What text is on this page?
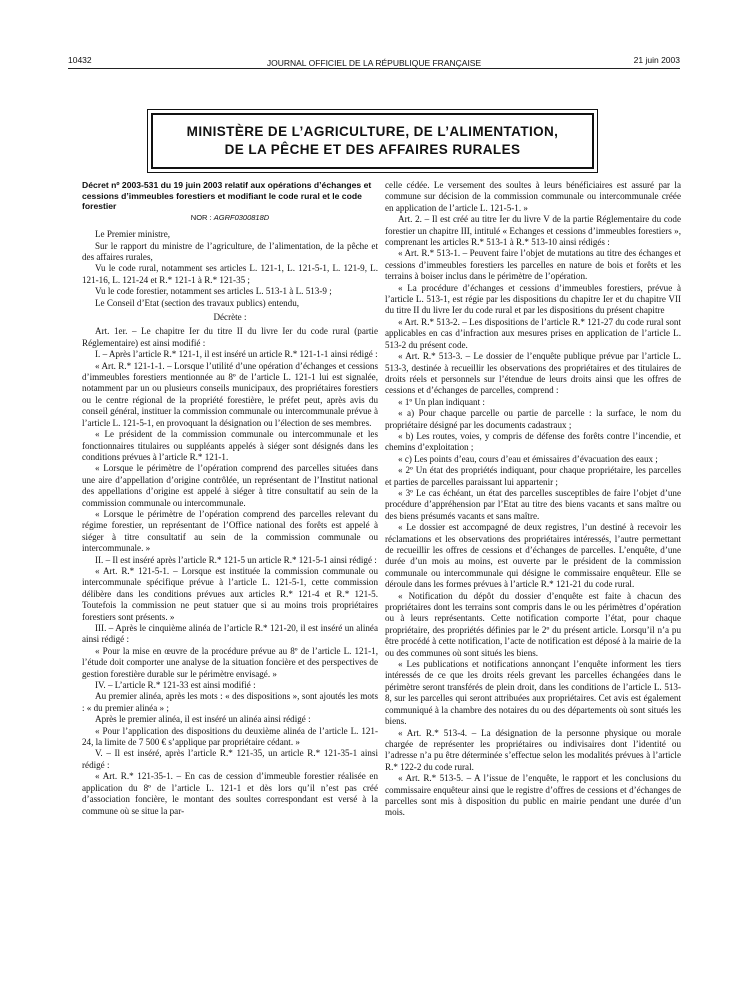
10432	JOURNAL OFFICIEL DE LA RÉPUBLIQUE FRANÇAISE	21 juin 2003
MINISTÈRE DE L’AGRICULTURE, DE L’ALIMENTATION,
DE LA PÊCHE ET DES AFFAIRES RURALES

Décret nº 2003-531 du 19 juin 2003 relatif aux opérations d’échanges et cessions d’immeubles forestiers et modifiant le code rural et le code forestier

NOR : AGRF0300818D

Le Premier ministre,

Sur le rapport du ministre de l’agriculture, de l’alimentation, de la pêche et des affaires rurales,

Vu le code rural, notamment ses articles L. 121-1, L. 121-5-1, L. 121-9, L. 121-16, L. 121-24 et R.* 121-1 à R.* 121-35 ;

Vu le code forestier, notamment ses articles L. 513-1 à L. 513-9 ;

Le Conseil d’Etat (section des travaux publics) entendu,

Décrète :

Art. 1er. – Le chapitre Ier du titre II du livre Ier du code rural (partie Réglementaire) est ainsi modifié :

I. – Après l’article R.* 121-1, il est inséré un article R.* 121-1-1 ainsi rédigé :

« Art. R.* 121-1-1. – Lorsque l’utilité d’une opération d’échanges et cessions d’immeubles forestiers mentionnée au 8º de l’article L. 121-1 lui est signalée, notamment par un ou plusieurs conseils municipaux, des propriétaires forestiers ou le centre régional de la propriété forestière, le préfet peut, après avis du conseil général, instituer la commission communale ou intercommunale prévue à l’article L. 121-5-1, en provoquant la désignation ou l’élection de ses membres.

« Le président de la commission communale ou intercommunale et les fonctionnaires titulaires ou suppléants appelés à siéger sont désignés dans les conditions prévues à l’article R.* 121-1.

« Lorsque le périmètre de l’opération comprend des parcelles situées dans une aire d’appellation d’origine contrôlée, un représentant de l’Institut national des appellations d’origine est appelé à siéger à titre consultatif au sein de la commission communale ou intercommunale.

« Lorsque le périmètre de l’opération comprend des parcelles relevant du régime forestier, un représentant de l’Office national des forêts est appelé à siéger à titre consultatif au sein de la commission communale ou intercommunale. »

II. – Il est inséré après l’article R.* 121-5 un article R.* 121-5-1 ainsi rédigé :

« Art. R.* 121-5-1. – Lorsque est instituée la commission communale ou intercommunale spécifique prévue à l’article L. 121-5-1, cette commission délibère dans les conditions prévues aux articles R.* 121-4 et R.* 121-5. Toutefois la commission ne peut statuer que si au moins trois propriétaires forestiers sont présents. »

III. – Après le cinquième alinéa de l’article R.* 121-20, il est inséré un alinéa ainsi rédigé :

« Pour la mise en œuvre de la procédure prévue au 8º de l’article L. 121-1, l’étude doit comporter une analyse de la situation foncière et des perspectives de gestion forestière durable sur le périmètre envisagé. »

IV. – L’article R.* 121-33 est ainsi modifié :

Au premier alinéa, après les mots : « des dispositions », sont ajoutés les mots : « du premier alinéa » ;

Après le premier alinéa, il est inséré un alinéa ainsi rédigé :

« Pour l’application des dispositions du deuxième alinéa de l’article L. 121-24, la limite de 7 500 € s’applique par propriétaire cédant. »

V. – Il est inséré, après l’article R.* 121-35, un article R.* 121-35-1 ainsi rédigé :

« Art. R.* 121-35-1. – En cas de cession d’immeuble forestier réalisée en application du 8º de l’article L. 121-1 et dès lors qu’il n’est pas créé d’association foncière, le montant des soultes correspondant est versé à la commune où se situe la par-

celle cédée. Le versement des soultes à leurs bénéficiaires est assuré par la commune sur décision de la commission communale ou intercommunale créée en application de l’article L. 121-5-1. »

Art. 2. – Il est créé au titre Ier du livre V de la partie Réglementaire du code forestier un chapitre III, intitulé « Echanges et cessions d’immeubles forestiers », comprenant les articles R.* 513-1 à R.* 513-10 ainsi rédigés :

« Art. R.* 513-1. – Peuvent faire l’objet de mutations au titre des échanges et cessions d’immeubles forestiers les parcelles en nature de bois et forêts et les terrains à boiser inclus dans le périmètre de l’opération.

« La procédure d’échanges et cessions d’immeubles forestiers, prévue à l’article L. 513-1, est régie par les dispositions du chapitre Ier et du chapitre VII du titre II du livre Ier du code rural et par les dispositions du présent chapitre

« Art. R.* 513-2. – Les dispositions de l’article R.* 121-27 du code rural sont applicables en cas d’infraction aux mesures prises en application de l’article L. 513-2 du présent code.

« Art. R.* 513-3. – Le dossier de l’enquête publique prévue par l’article L. 513-3, destinée à recueillir les observations des propriétaires et des titulaires de droits réels et personnels sur l’étendue de leurs droits ainsi que les offres de cessions et d’échanges de parcelles, comprend :

« 1º Un plan indiquant :

« a) Pour chaque parcelle ou partie de parcelle : la surface, le nom du propriétaire désigné par les documents cadastraux ;

« b) Les routes, voies, y compris de défense des forêts contre l’incendie, et chemins d’exploitation ;

« c) Les points d’eau, cours d’eau et émissaires d’évacuation des eaux ;

« 2º Un état des propriétés indiquant, pour chaque propriétaire, les parcelles et parties de parcelles paraissant lui appartenir ;

« 3º Le cas échéant, un état des parcelles susceptibles de faire l’objet d’une procédure d’appréhension par l’Etat au titre des biens vacants et sans maître ou des biens présumés vacants et sans maître.

« Le dossier est accompagné de deux registres, l’un destiné à recevoir les réclamations et les observations des propriétaires intéressés, l’autre permettant de recueillir les offres de cessions et d’échanges de parcelles. L’enquête, d’une durée d’un mois au moins, est ouverte par le président de la commission communale ou intercommunale qui désigne le commissaire enquêteur. Elle se déroule dans les formes prévues à l’article R.* 121-21 du code rural.

« Notification du dépôt du dossier d’enquête est faite à chacun des propriétaires dont les terrains sont compris dans le ou les périmètres d’opération ou à leurs représentants. Cette notification comporte l’état, pour chaque propriétaire, des propriétés définies par le 2º du présent article. Lorsqu’il n’a pu être procédé à cette notification, l’acte de notification est déposé à la mairie de la ou des communes où sont situés les biens.

« Les publications et notifications annonçant l’enquête informent les tiers intéressés de ce que les droits réels grevant les parcelles échangées dans le périmètre seront transférés de plein droit, dans les conditions de l’article L. 513-8, sur les parcelles qui seront attribuées aux propriétaires. Cet avis est également communiqué à la chambre des notaires du ou des départements où sont situés les biens.

« Art. R.* 513-4. – La désignation de la personne physique ou morale chargée de représenter les propriétaires ou indivisaires dont l’identité ou l’adresse n’a pu être déterminée s’effectue selon les modalités prévues à l’article R.* 122-2 du code rural.

« Art. R.* 513-5. – A l’issue de l’enquête, le rapport et les conclusions du commissaire enquêteur ainsi que le registre d’offres de cessions et d’échanges de parcelles sont mis à disposition du public en mairie pendant une durée d’un mois.
